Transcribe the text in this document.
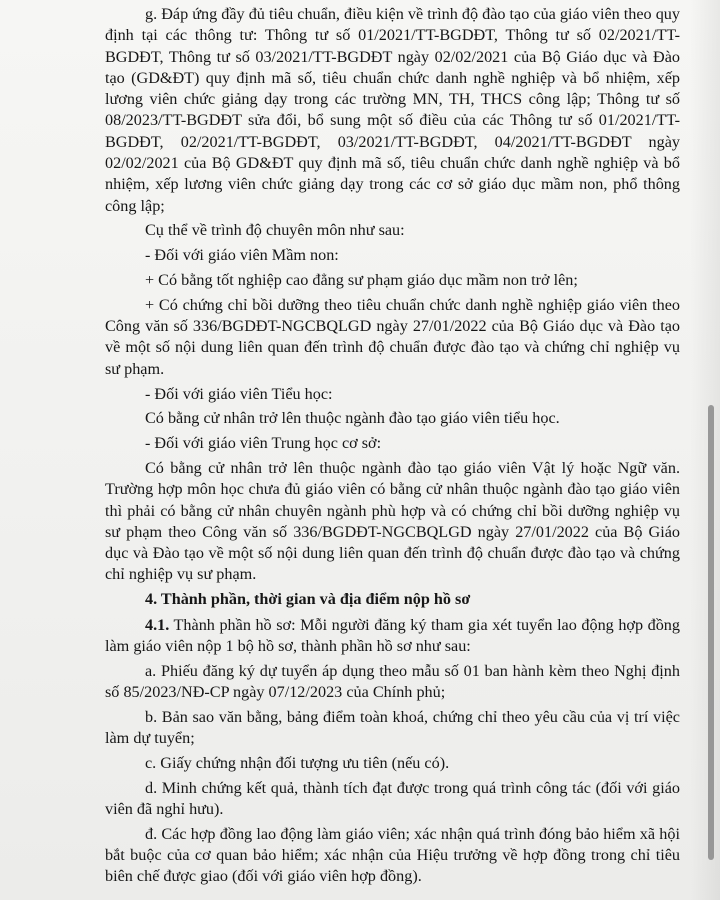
g. Đáp ứng đầy đủ tiêu chuẩn, điều kiện về trình độ đào tạo của giáo viên theo quy định tại các thông tư: Thông tư số 01/2021/TT-BGDĐT, Thông tư số 02/2021/TT-BGDĐT, Thông tư số 03/2021/TT-BGDĐT ngày 02/02/2021 của Bộ Giáo dục và Đào tạo (GD&ĐT) quy định mã số, tiêu chuẩn chức danh nghề nghiệp và bổ nhiệm, xếp lương viên chức giảng dạy trong các trường MN, TH, THCS công lập; Thông tư số 08/2023/TT-BGDĐT sửa đổi, bổ sung một số điều của các Thông tư số 01/2021/TT-BGDĐT, 02/2021/TT-BGDĐT, 03/2021/TT-BGDĐT, 04/2021/TT-BGDĐT ngày 02/02/2021 của Bộ GD&ĐT quy định mã số, tiêu chuẩn chức danh nghề nghiệp và bổ nhiệm, xếp lương viên chức giảng dạy trong các cơ sở giáo dục mầm non, phổ thông công lập;

Cụ thể về trình độ chuyên môn như sau:

- Đối với giáo viên Mầm non:

+ Có bằng tốt nghiệp cao đẳng sư phạm giáo dục mầm non trở lên;

+ Có chứng chỉ bồi dưỡng theo tiêu chuẩn chức danh nghề nghiệp giáo viên theo Công văn số 336/BGDĐT-NGCBQLGD ngày 27/01/2022 của Bộ Giáo dục và Đào tạo về một số nội dung liên quan đến trình độ chuẩn được đào tạo và chứng chỉ nghiệp vụ sư phạm.

- Đối với giáo viên Tiểu học:

Có bằng cử nhân trở lên thuộc ngành đào tạo giáo viên tiểu học.

- Đối với giáo viên Trung học cơ sở:

Có bằng cử nhân trở lên thuộc ngành đào tạo giáo viên Vật lý hoặc Ngữ văn. Trường hợp môn học chưa đủ giáo viên có bằng cử nhân thuộc ngành đào tạo giáo viên thì phải có bằng cử nhân chuyên ngành phù hợp và có chứng chỉ bồi dưỡng nghiệp vụ sư phạm theo Công văn số 336/BGDĐT-NGCBQLGD ngày 27/01/2022 của Bộ Giáo dục và Đào tạo về một số nội dung liên quan đến trình độ chuẩn được đào tạo và chứng chỉ nghiệp vụ sư phạm.

4. Thành phần, thời gian và địa điểm nộp hồ sơ

4.1. Thành phần hồ sơ: Mỗi người đăng ký tham gia xét tuyển lao động hợp đồng làm giáo viên nộp 1 bộ hồ sơ, thành phần hồ sơ như sau:

a. Phiếu đăng ký dự tuyển áp dụng theo mẫu số 01 ban hành kèm theo Nghị định số 85/2023/NĐ-CP ngày 07/12/2023 của Chính phủ;

b. Bản sao văn bằng, bảng điểm toàn khoá, chứng chỉ theo yêu cầu của vị trí việc làm dự tuyển;

c. Giấy chứng nhận đối tượng ưu tiên (nếu có).

d. Minh chứng kết quả, thành tích đạt được trong quá trình công tác (đối với giáo viên đã nghỉ hưu).

đ. Các hợp đồng lao động làm giáo viên; xác nhận quá trình đóng bảo hiểm xã hội bắt buộc của cơ quan bảo hiểm; xác nhận của Hiệu trưởng về hợp đồng trong chỉ tiêu biên chế được giao (đối với giáo viên hợp đồng).
